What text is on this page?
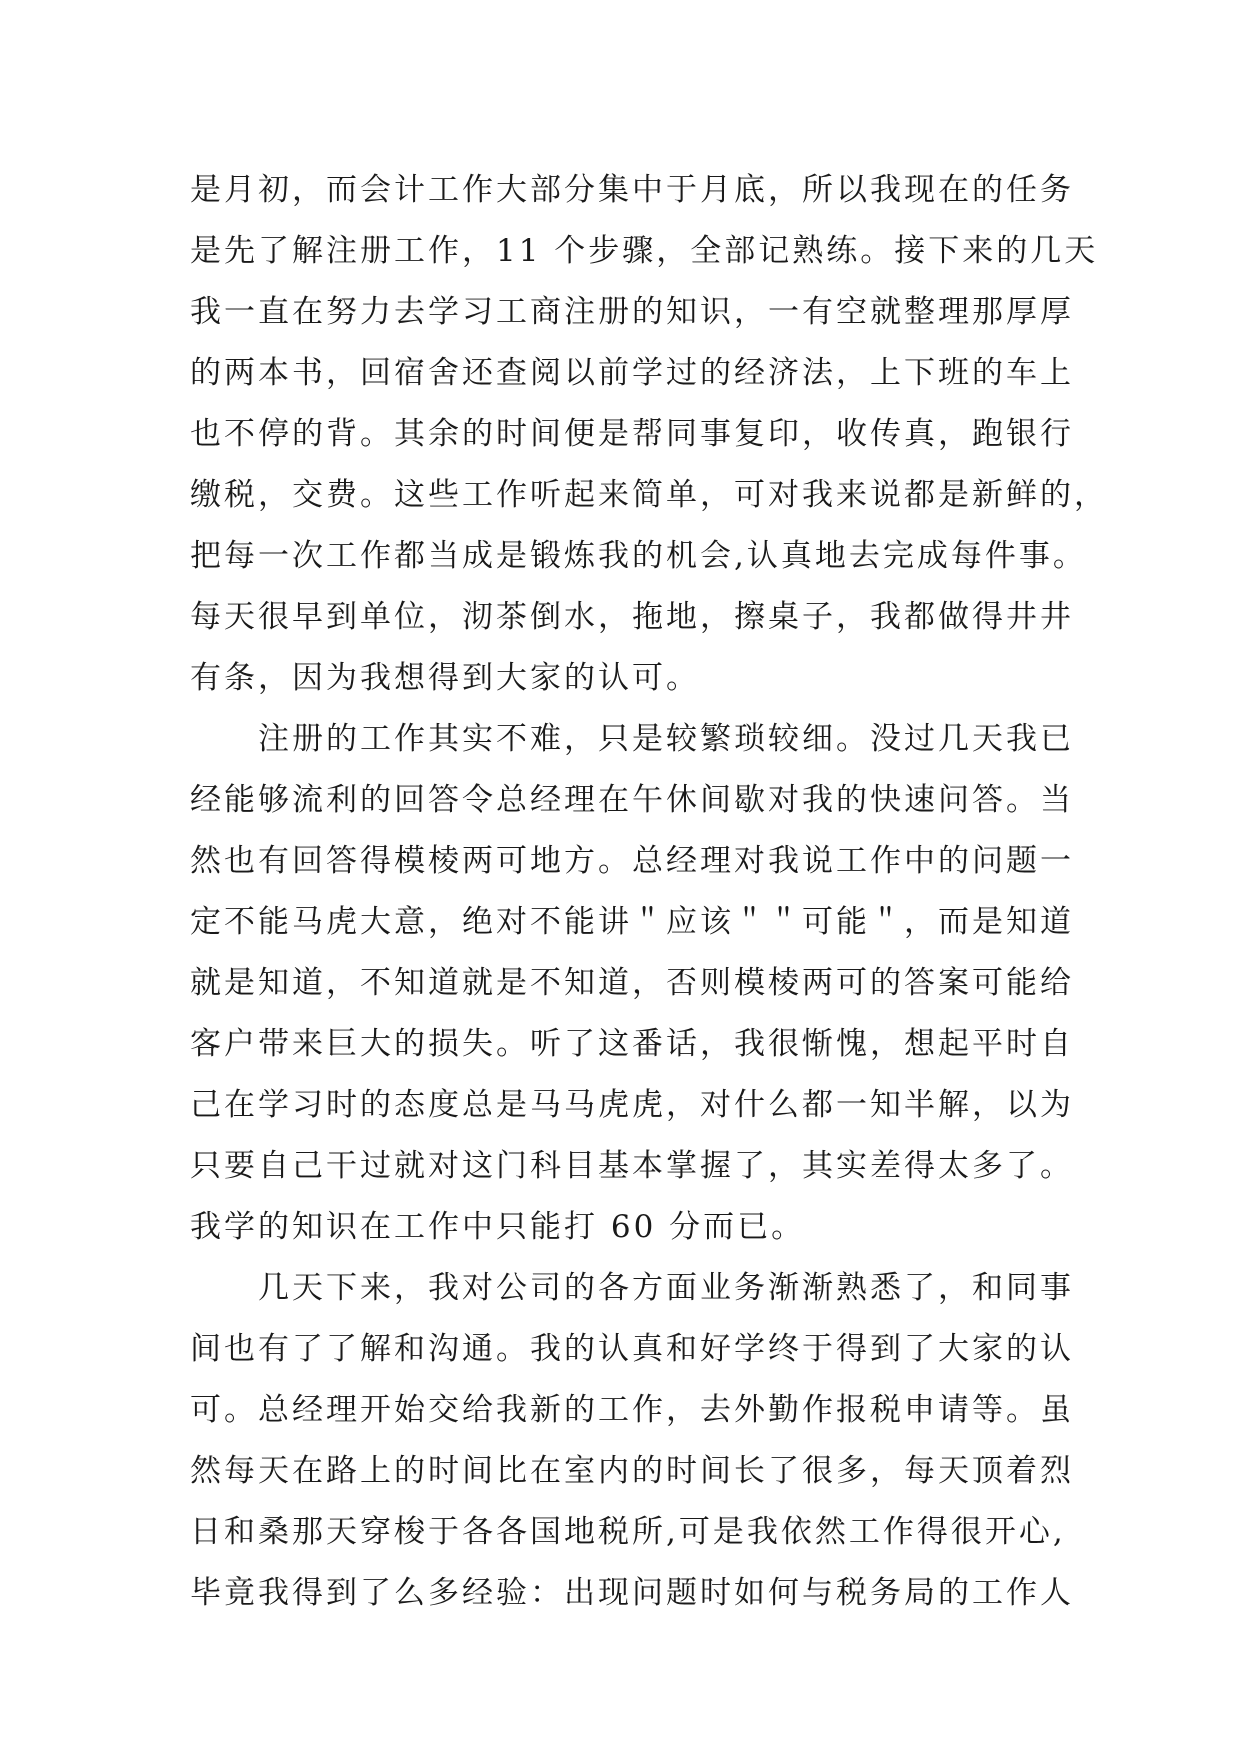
是月初，而会计工作大部分集中于月底，所以我现在的任务
是先了解注册工作，11 个步骤，全部记熟练。接下来的几天
我一直在努力去学习工商注册的知识，一有空就整理那厚厚
的两本书，回宿舍还查阅以前学过的经济法，上下班的车上
也不停的背。其余的时间便是帮同事复印，收传真，跑银行
缴税，交费。这些工作听起来简单，可对我来说都是新鲜的，
把每一次工作都当成是锻炼我的机会,认真地去完成每件事。
每天很早到单位，沏茶倒水，拖地，擦桌子，我都做得井井
有条，因为我想得到大家的认可。
　　注册的工作其实不难，只是较繁琐较细。没过几天我已
经能够流利的回答令总经理在午休间歇对我的快速问答。当
然也有回答得模棱两可地方。总经理对我说工作中的问题一
定不能马虎大意，绝对不能讲＂应该＂＂可能＂，而是知道
就是知道，不知道就是不知道，否则模棱两可的答案可能给
客户带来巨大的损失。听了这番话，我很惭愧，想起平时自
己在学习时的态度总是马马虎虎，对什么都一知半解，以为
只要自己干过就对这门科目基本掌握了，其实差得太多了。
我学的知识在工作中只能打 60 分而已。
　　几天下来，我对公司的各方面业务渐渐熟悉了，和同事
间也有了了解和沟通。我的认真和好学终于得到了大家的认
可。总经理开始交给我新的工作，去外勤作报税申请等。虽
然每天在路上的时间比在室内的时间长了很多，每天顶着烈
日和桑那天穿梭于各各国地税所,可是我依然工作得很开心,
毕竟我得到了么多经验：出现问题时如何与税务局的工作人
